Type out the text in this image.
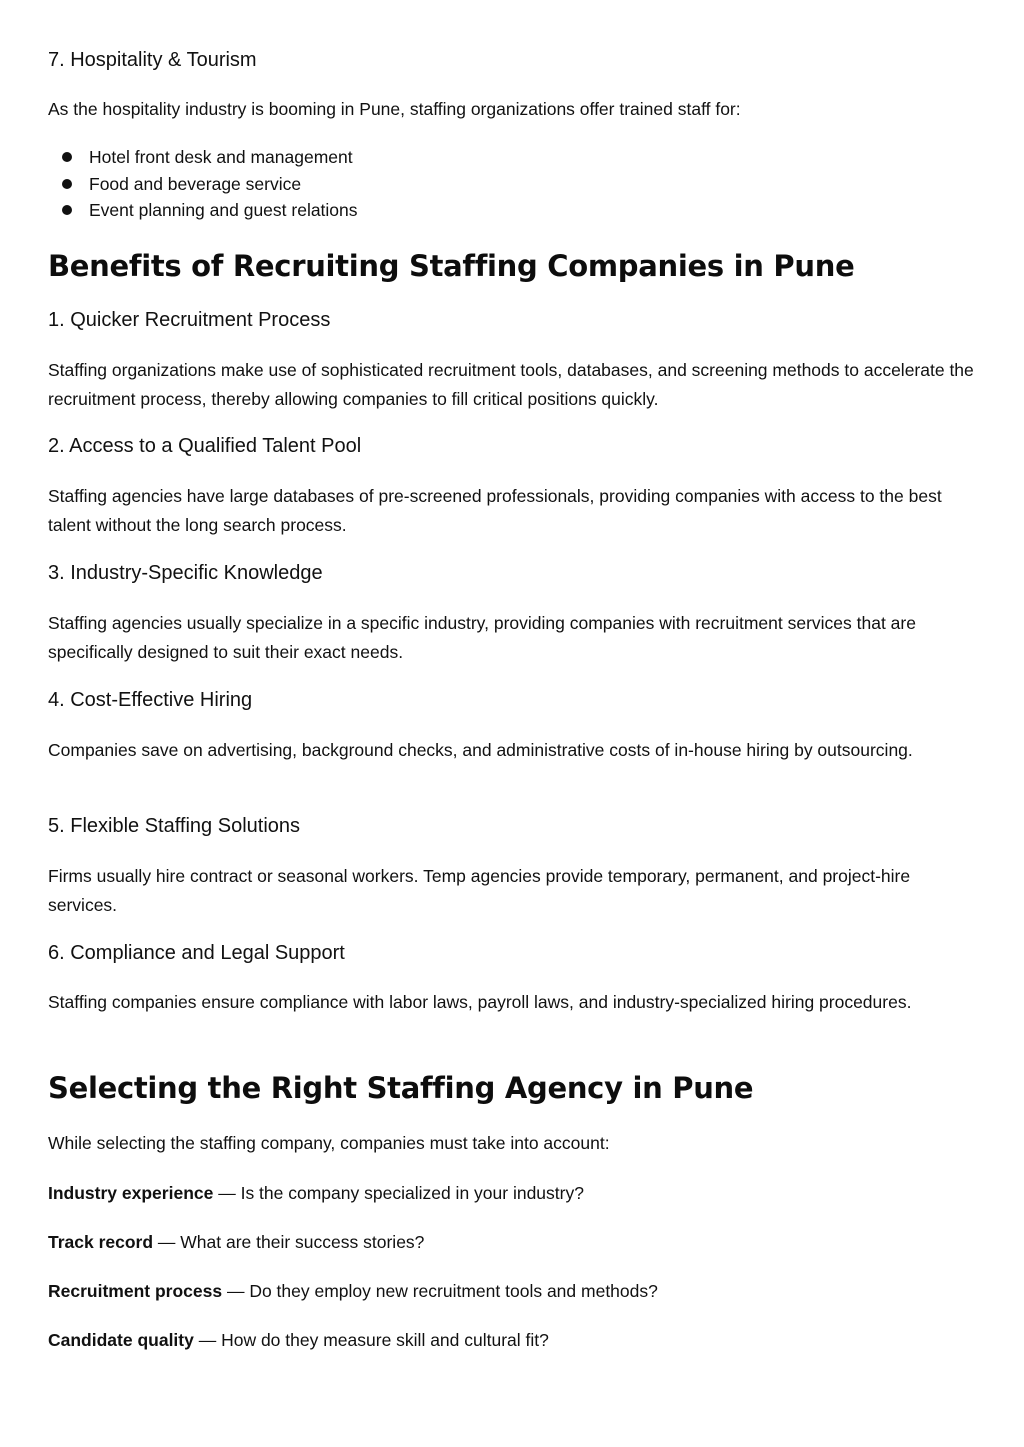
7. Hospitality & Tourism

As the hospitality industry is booming in Pune, staffing organizations offer trained staff for:

Hotel front desk and management
Food and beverage service
Event planning and guest relations
Benefits of Recruiting Staffing Companies in Pune

1. Quicker Recruitment Process

Staffing organizations make use of sophisticated recruitment tools, databases, and screening methods to accelerate the recruitment process, thereby allowing companies to fill critical positions quickly.

2. Access to a Qualified Talent Pool

Staffing agencies have large databases of pre-screened professionals, providing companies with access to the best talent without the long search process.

3. Industry-Specific Knowledge

Staffing agencies usually specialize in a specific industry, providing companies with recruitment services that are specifically designed to suit their exact needs.

4. Cost-Effective Hiring

Companies save on advertising, background checks, and administrative costs of in-house hiring by outsourcing.

5. Flexible Staffing Solutions

Firms usually hire contract or seasonal workers. Temp agencies provide temporary, permanent, and project-hire services.

6. Compliance and Legal Support

Staffing companies ensure compliance with labor laws, payroll laws, and industry-specialized hiring procedures.

Selecting the Right Staffing Agency in Pune

While selecting the staffing company, companies must take into account:

Industry experience — Is the company specialized in your industry?

Track record — What are their success stories?

Recruitment process — Do they employ new recruitment tools and methods?

Candidate quality — How do they measure skill and cultural fit?
